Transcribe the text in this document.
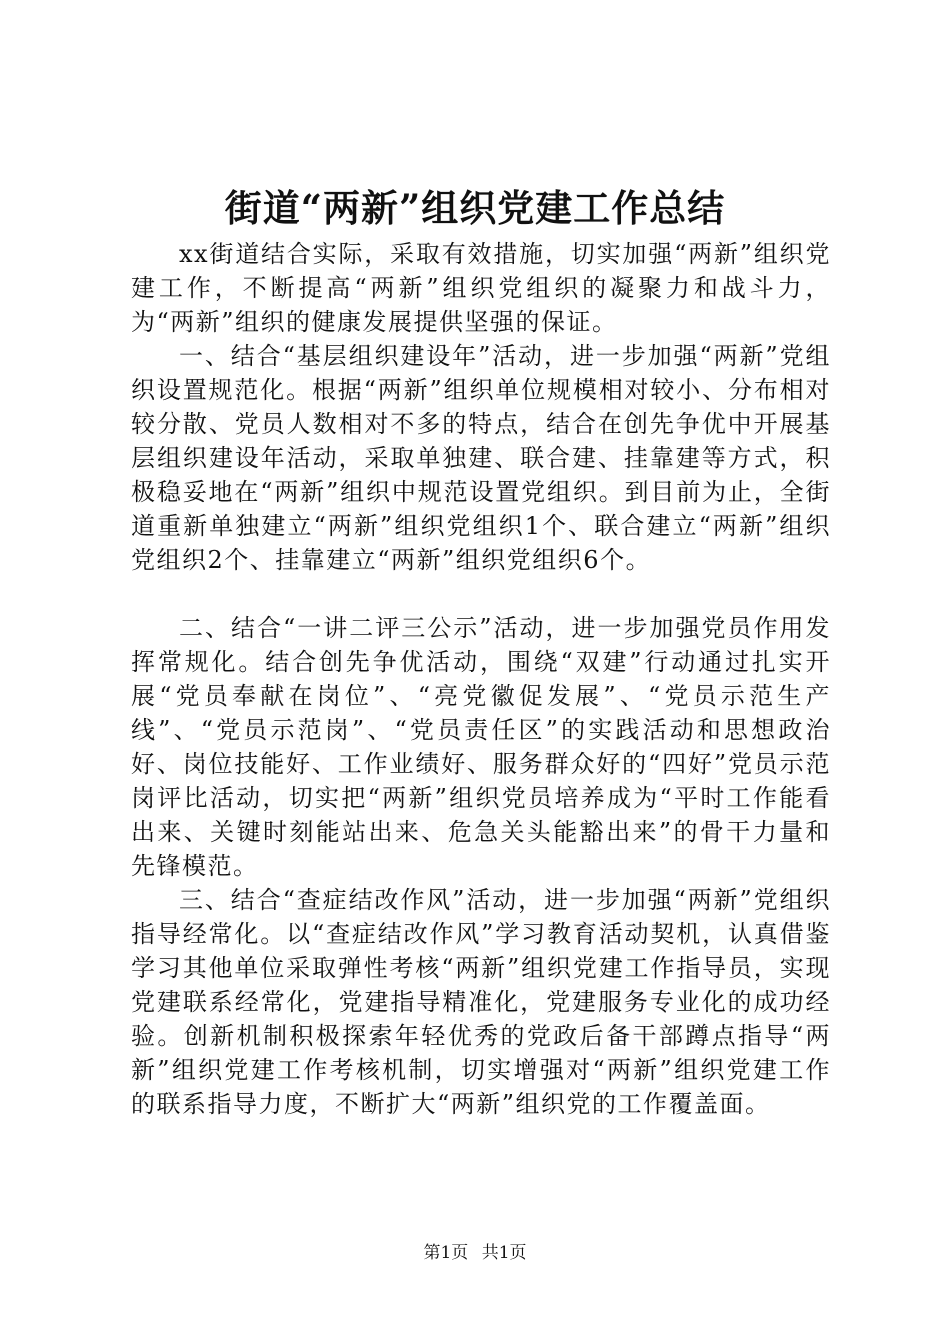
街道“两新”组织党建工作总结

xx街道结合实际，采取有效措施，切实加强“两新”组织党建工作，不断提高“两新”组织党组织的凝聚力和战斗力，为“两新”组织的健康发展提供坚强的保证。

一、结合“基层组织建设年”活动，进一步加强“两新”党组织设置规范化。根据“两新”组织单位规模相对较小、分布相对较分散、党员人数相对不多的特点，结合在创先争优中开展基层组织建设年活动，采取单独建、联合建、挂靠建等方式，积极稳妥地在“两新”组织中规范设置党组织。到目前为止，全街道重新单独建立“两新”组织党组织1个、联合建立“两新”组织党组织2个、挂靠建立“两新”组织党组织6个。

二、结合“一讲二评三公示”活动，进一步加强党员作用发挥常规化。结合创先争优活动，围绕“双建”行动通过扎实开展“党员奉献在岗位”、“亮党徽促发展”、“党员示范生产线”、“党员示范岗”、“党员责任区”的实践活动和思想政治好、岗位技能好、工作业绩好、服务群众好的“四好”党员示范岗评比活动，切实把“两新”组织党员培养成为“平时工作能看出来、关键时刻能站出来、危急关头能豁出来”的骨干力量和先锋模范。

三、结合“查症结改作风”活动，进一步加强“两新”党组织指导经常化。以“查症结改作风”学习教育活动契机，认真借鉴学习其他单位采取弹性考核“两新”组织党建工作指导员，实现党建联系经常化，党建指导精准化，党建服务专业化的成功经验。创新机制积极探索年轻优秀的党政后备干部蹲点指导“两新”组织党建工作考核机制，切实增强对“两新”组织党建工作的联系指导力度，不断扩大“两新”组织党的工作覆盖面。

第1页 共1页
